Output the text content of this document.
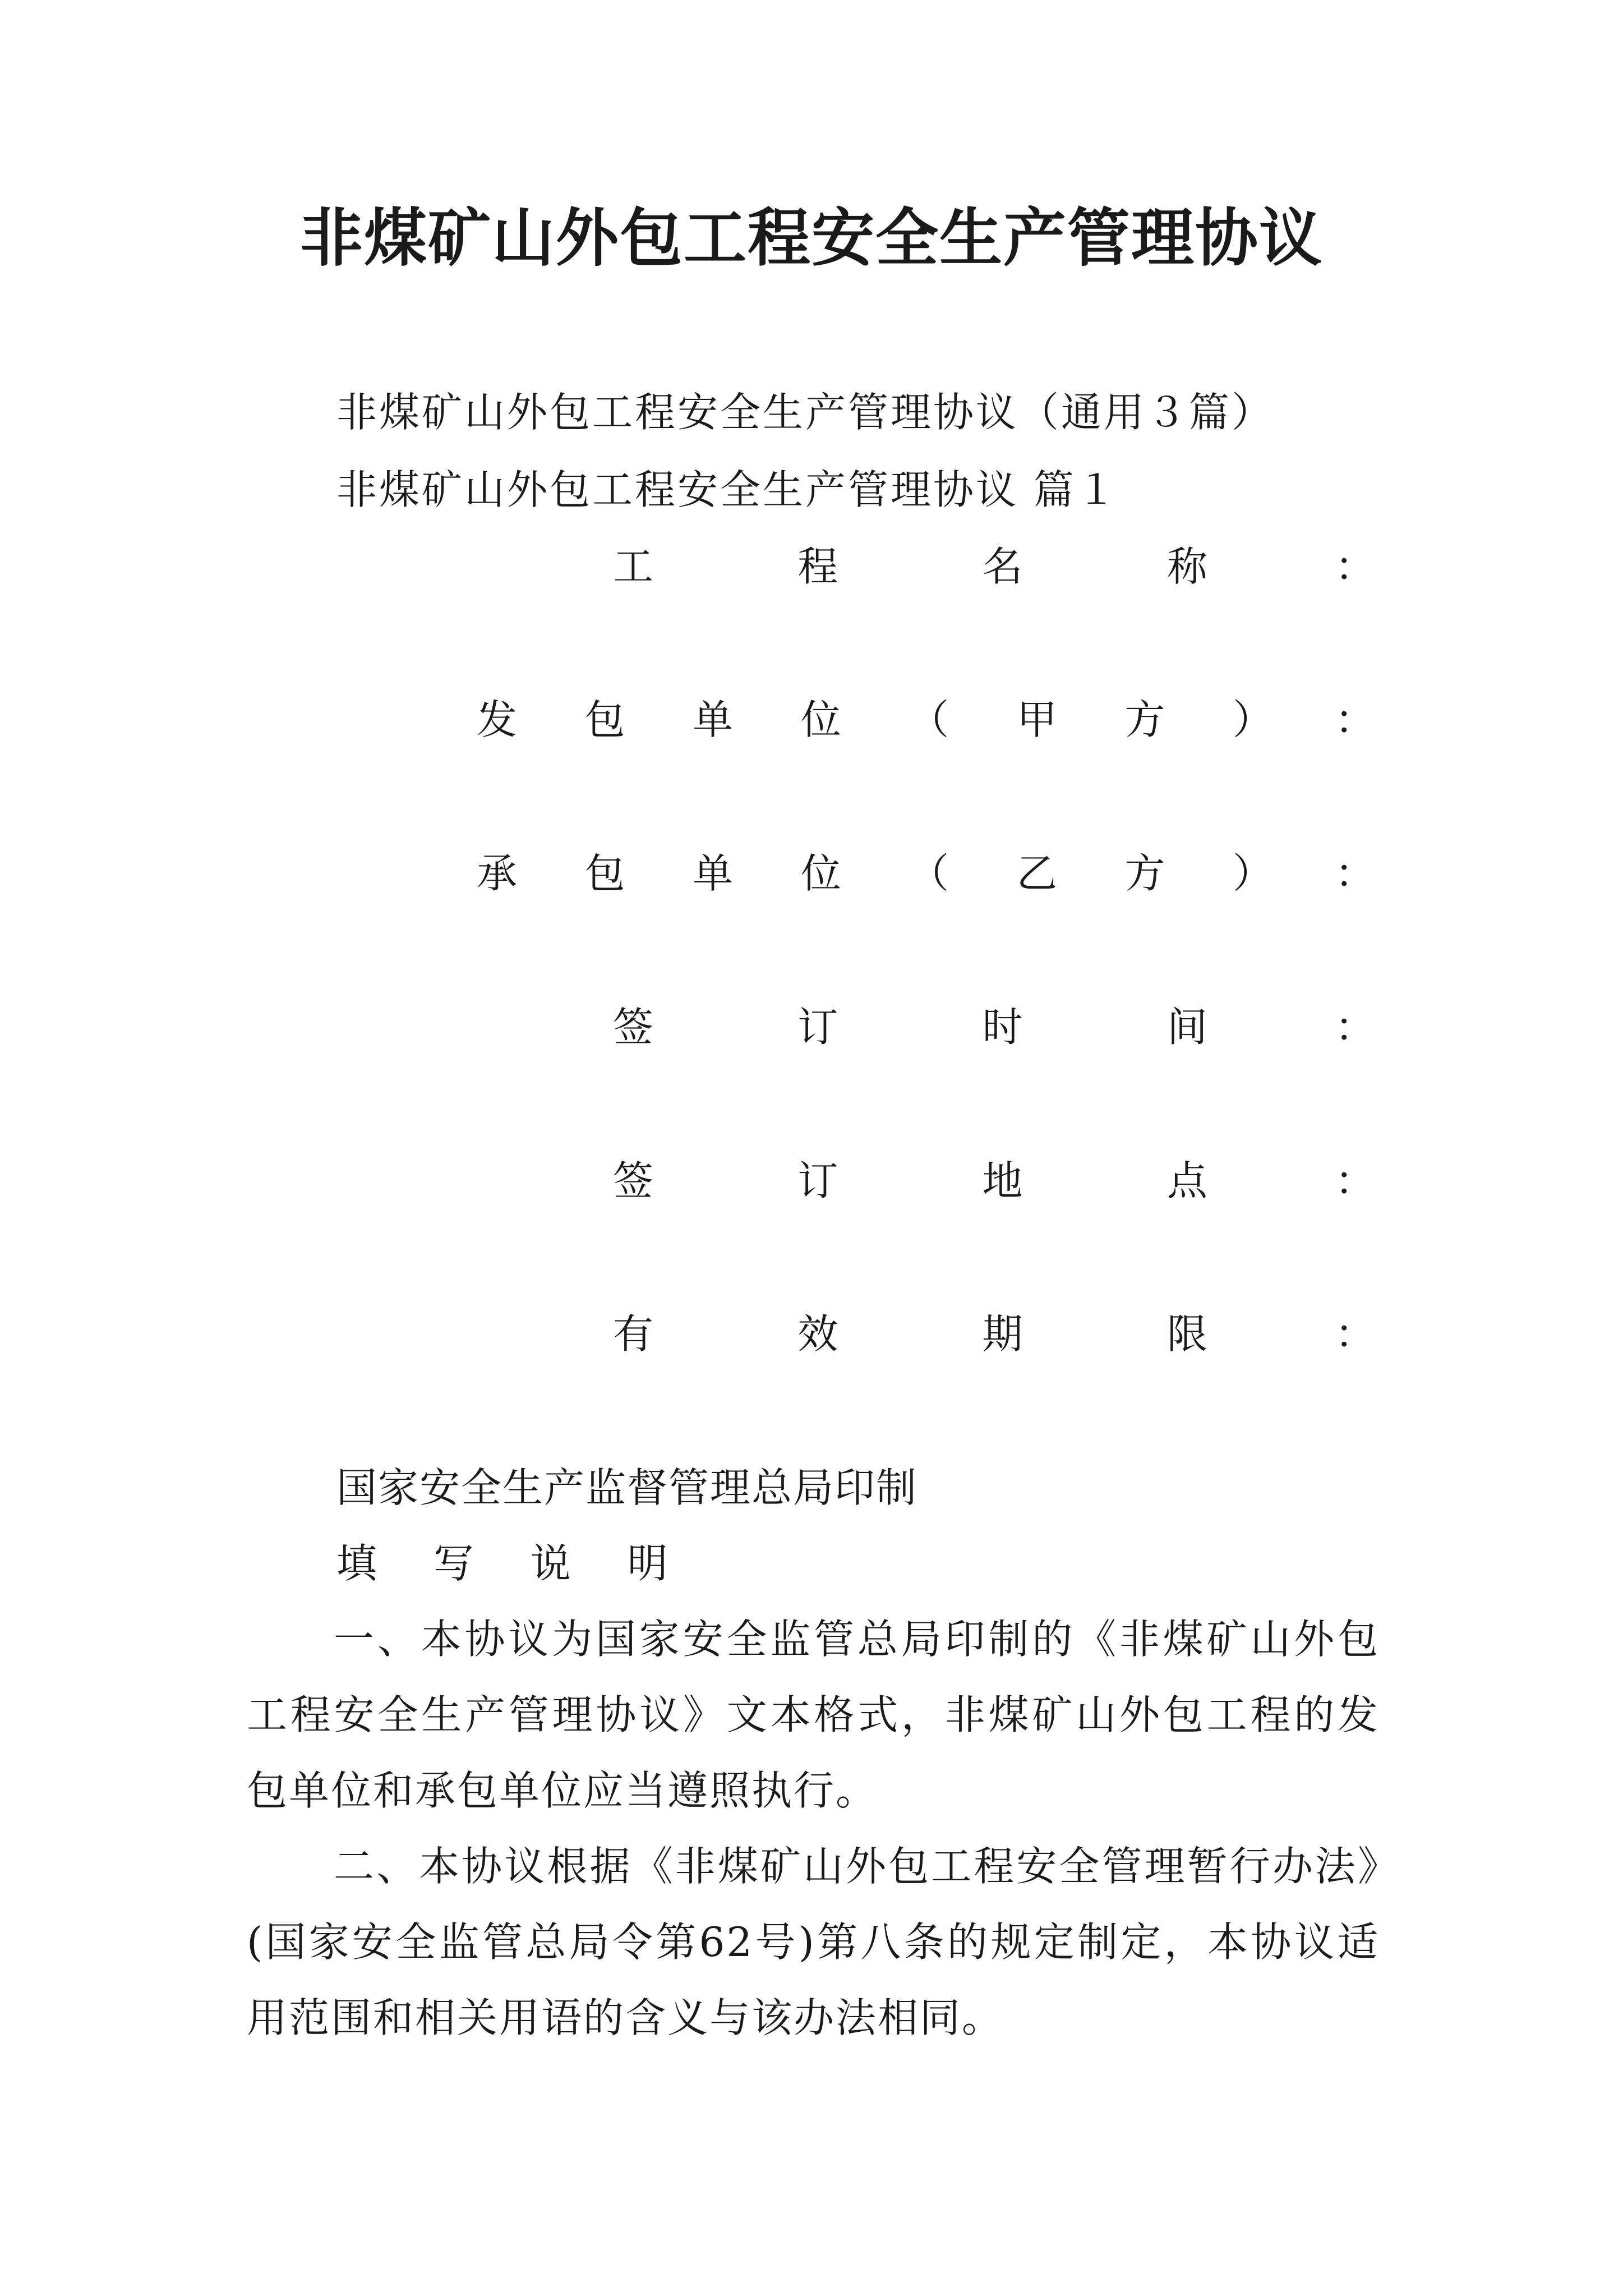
非煤矿山外包工程安全生产管理协议

非煤矿山外包工程安全生产管理协议（通用３篇）

非煤矿山外包工程安全生产管理协议 篇１

工	程	名	称	：
发 包 单 位 （ 甲 方 ） ：
承 包 单 位 （ 乙 方 ） ：
签	订	时	间	：
签	订	地	点	：
有	效	期	限	：

国家安全生产监督管理总局印制

填 写 说 明

一、本协议为国家安全监管总局印制的《非煤矿山外包工程安全生产管理协议》文本格式，非煤矿山外包工程的发包单位和承包单位应当遵照执行。

二、本协议根据《非煤矿山外包工程安全管理暂行办法》(国家安全监管总局令第62号)第八条的规定制定，本协议适用范围和相关用语的含义与该办法相同。
